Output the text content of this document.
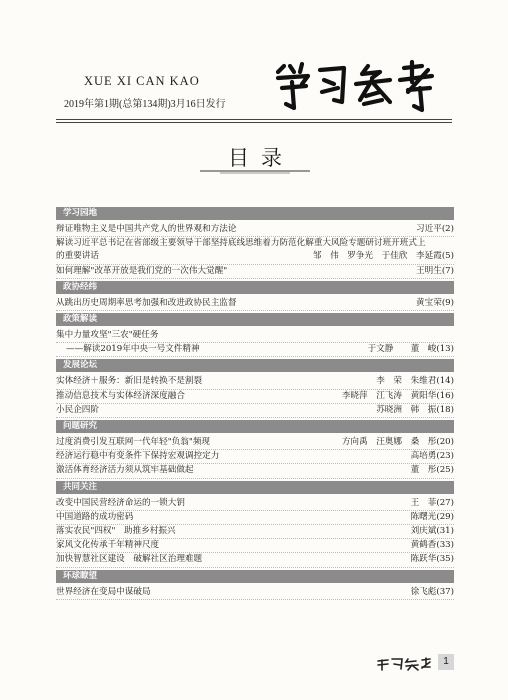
XUE XI CAN KAO
2019年第1期(总第134期)3月16日发行
学习参考
目录
学习园地
辩证唯物主义是中国共产党人的世界观和方法论	习近平(2)
解读习近平总书记在省部级主要领导干部坚持底线思维着力防范化解重大风险专题研讨班开班式上
的重要讲话	邹　伟　罗争光　于佳欣　李延霞(5)
如何理解"改革开放是我们党的一次伟大觉醒"	王明生(7)
政协经纬
从跳出历史周期率思考加强和改进政协民主监督	黄宝荣(9)
政策解读
集中力量攻坚"三农"硬任务
——解读2019年中央一号文件精神	于文静　　董　峻(13)
发展论坛
实体经济＋服务：新旧是转换不是割裂	李　荣　朱维君(14)
推动信息技术与实体经济深度融合	李晓萍　江飞涛　黄阳华(16)
小民企四阶	苏晓洲　韩　振(18)
问题研究
过度消费引发互联网一代年轻"负翁"频现	方向禹　汪奥娜　桑　彤(20)
经济运行稳中有变条件下保持宏观调控定力	高培勇(23)
激活体育经济活力须从筑牢基础做起	董　彤(25)
共同关注
改变中国民营经济命运的一锁大钥	王　菲(27)
中国道路的成功密码	陈曙光(29)
落实农民"四权"　助推乡村振兴	刘庆斌(31)
家风文化传承千年精神尺度	黄鹤香(33)
加快智慧社区建设　破解社区治理难题	陈跃华(35)
环球瞭望
世界经济在变局中谋破局	徐飞彪(37)
学习参考	1
